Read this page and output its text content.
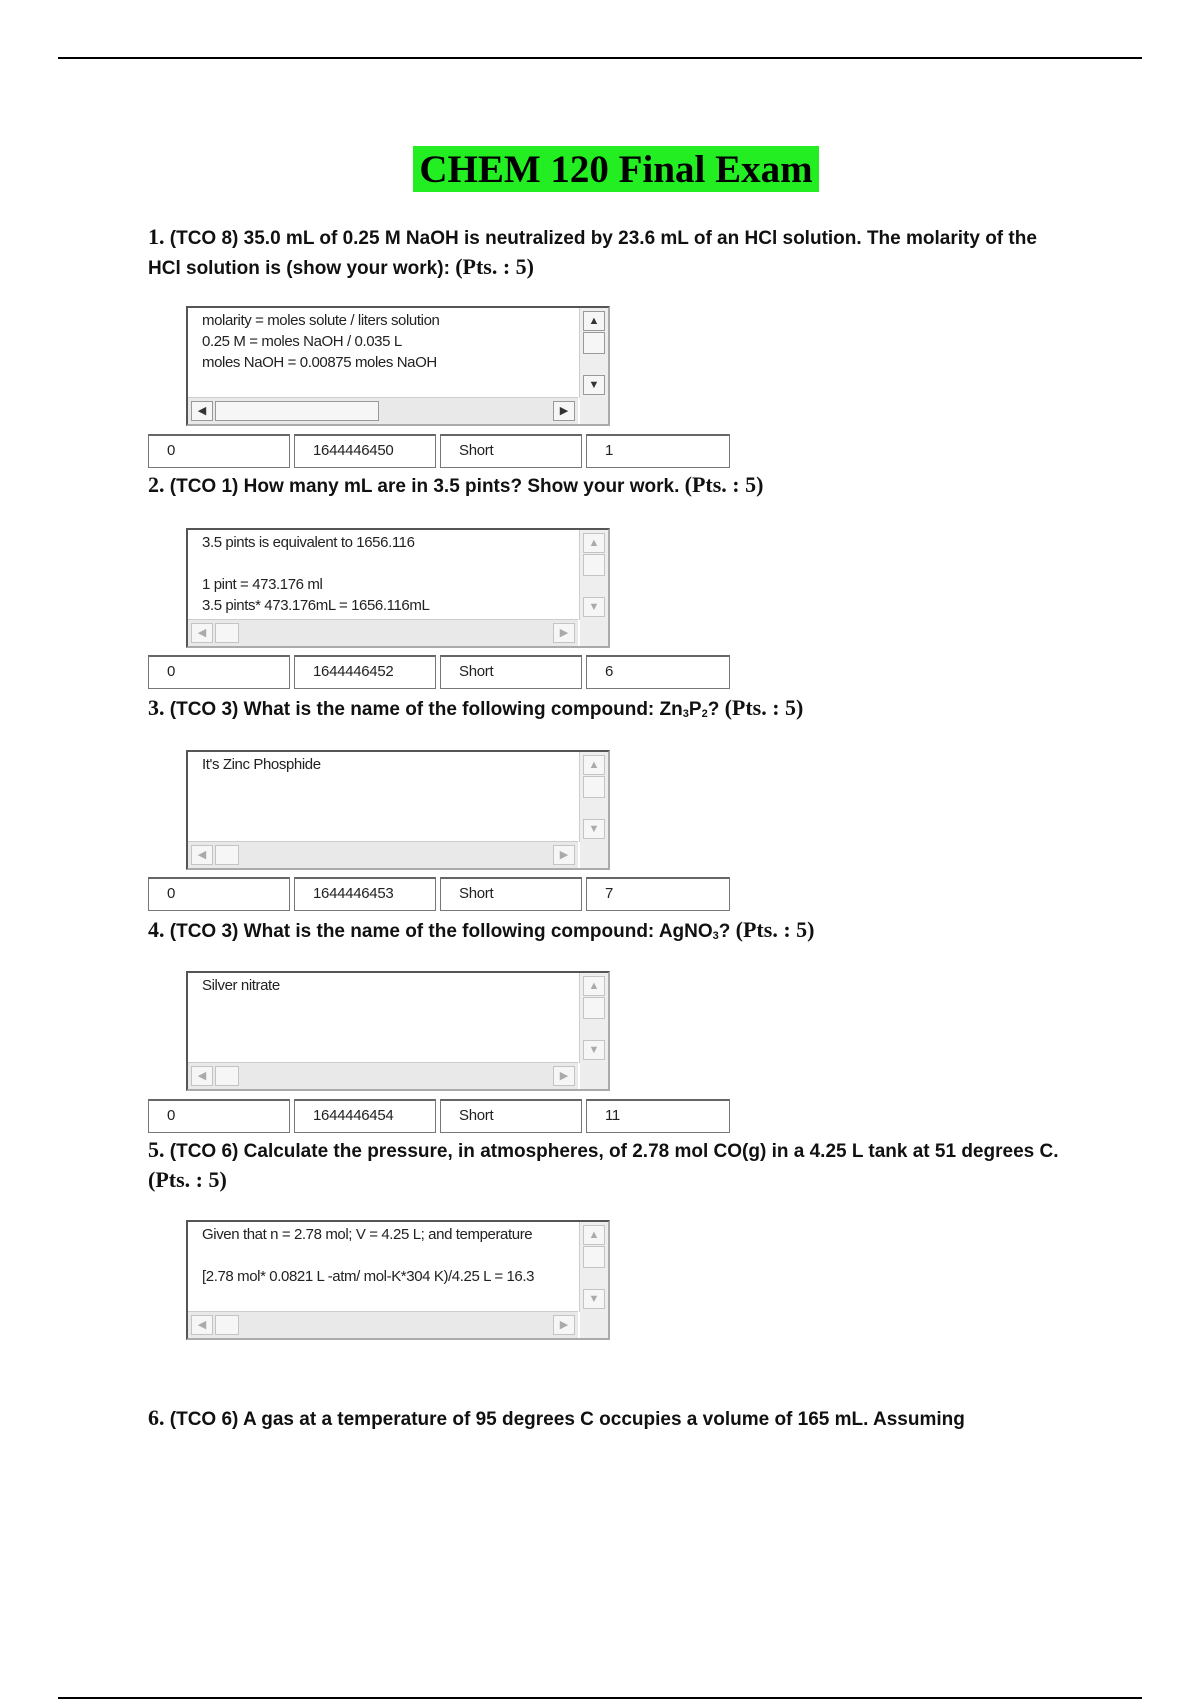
CHEM 120 Final Exam
1. (TCO 8) 35.0 mL of 0.25 M NaOH is neutralized by 23.6 mL of an HCl solution. The molarity of the HCl solution is (show your work): (Pts. : 5)
molarity = moles solute / liters solution
0.25 M = moles NaOH / 0.035 L
moles NaOH = 0.00875 moles NaOH
▲
▼
◀	▶
0	1644446450	Short	1
2. (TCO 1) How many mL are in 3.5 pints? Show your work. (Pts. : 5)
3.5 pints is equivalent to 1656.116
1 pint = 473.176 ml
3.5 pints* 473.176mL = 1656.116mL
▲
▼
◀	▶
0	1644446452	Short	6
3. (TCO 3) What is the name of the following compound: $Zn_3P_2$? (Pts. : 5)
It's Zinc Phosphide	▲
▼
◀	▶
0	1644446453	Short	7
4. (TCO 3) What is the name of the following compound: AgNO$_3$? (Pts. : 5)
Silver nitrate	▲
▼
◀	▶
0	1644446454	Short	11
5. (TCO 6) Calculate the pressure, in atmospheres, of 2.78 mol CO(g) in a 4.25 L tank at 51 degrees C. (Pts. : 5)
Given that n = 2.78 mol; V = 4.25 L; and temperature
[2.78 mol* 0.0821 L -atm/ mol-K*304 K)/4.25 L = 16.3
▲
▼
◀	▶
6. (TCO 6) A gas at a temperature of 95 degrees C occupies a volume of 165 mL. Assuming
